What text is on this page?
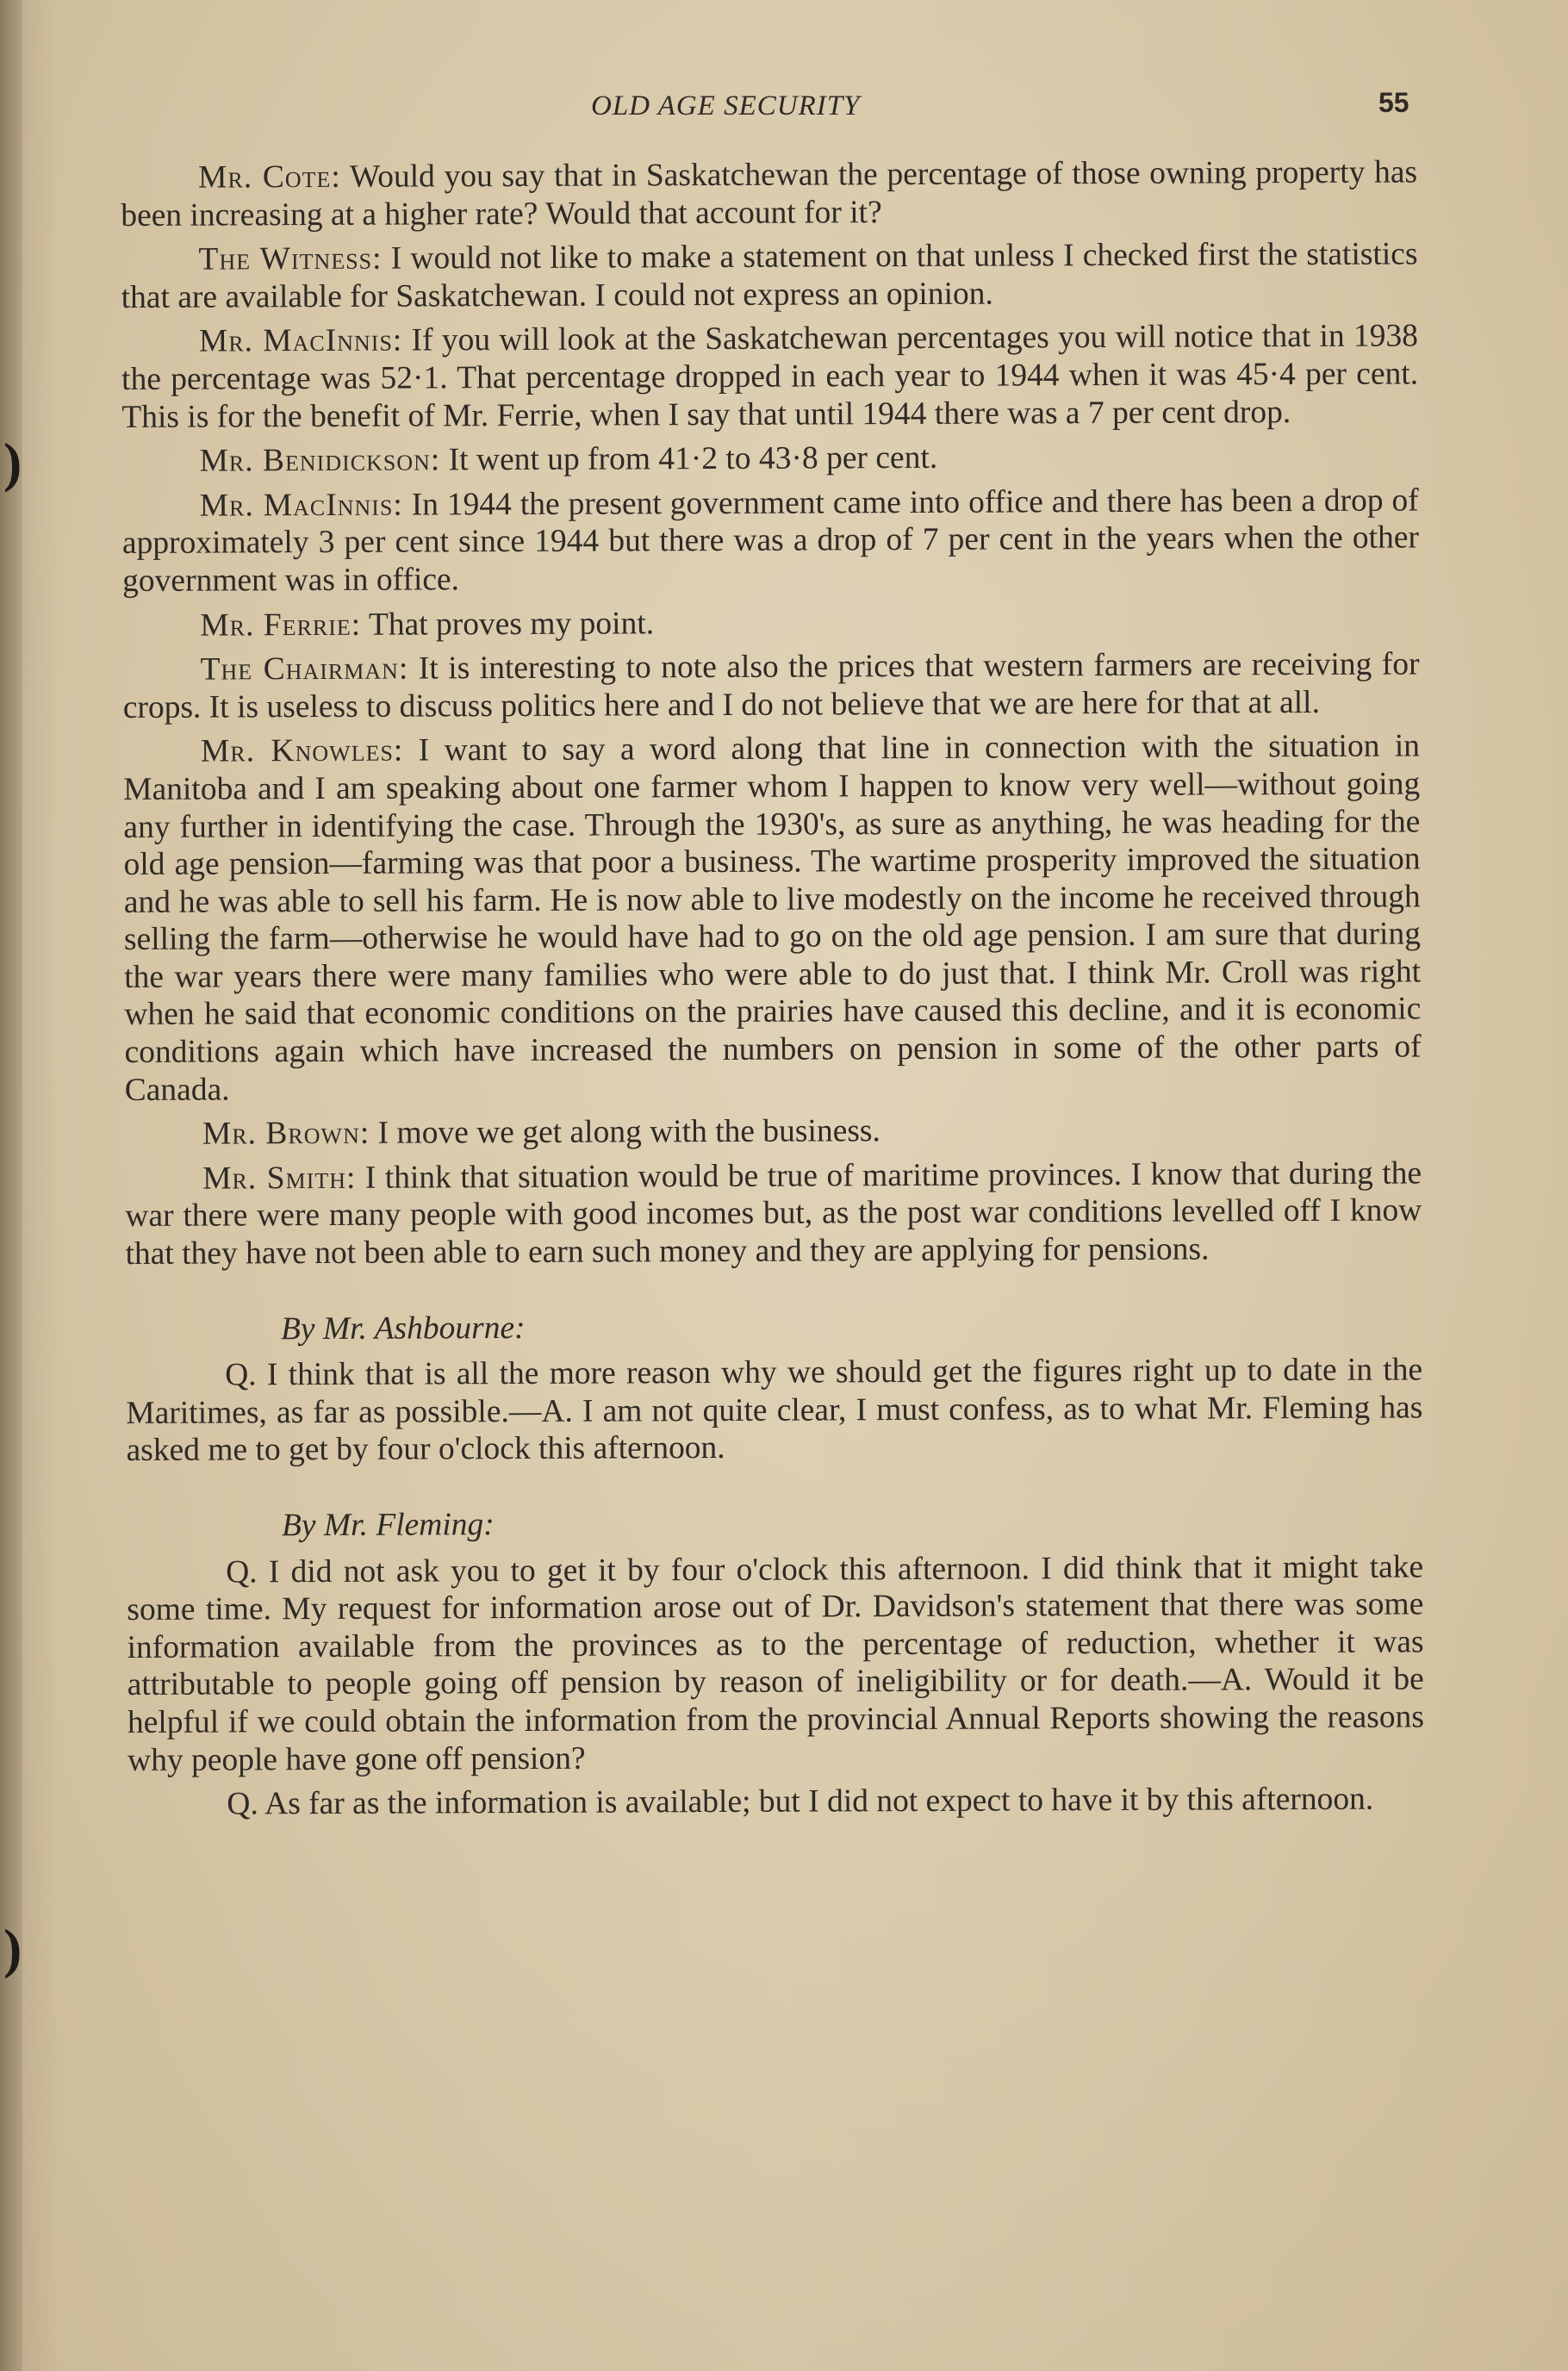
)
)
OLD AGE SECURITY	55

Mr. Cote: Would you say that in Saskatchewan the percentage of those owning property has been increasing at a higher rate? Would that account for it?

The Witness: I would not like to make a statement on that unless I checked first the statistics that are available for Saskatchewan. I could not express an opinion.

Mr. MacInnis: If you will look at the Saskatchewan percentages you will notice that in 1938 the percentage was 52·1. That percentage dropped in each year to 1944 when it was 45·4 per cent. This is for the benefit of Mr. Ferrie, when I say that until 1944 there was a 7 per cent drop.

Mr. Benidickson: It went up from 41·2 to 43·8 per cent.

Mr. MacInnis: In 1944 the present government came into office and there has been a drop of approximately 3 per cent since 1944 but there was a drop of 7 per cent in the years when the other government was in office.

Mr. Ferrie: That proves my point.

The Chairman: It is interesting to note also the prices that western farmers are receiving for crops. It is useless to discuss politics here and I do not believe that we are here for that at all.

Mr. Knowles: I want to say a word along that line in connection with the situation in Manitoba and I am speaking about one farmer whom I happen to know very well—without going any further in identifying the case. Through the 1930's, as sure as anything, he was heading for the old age pension—farming was that poor a business. The wartime prosperity improved the situation and he was able to sell his farm. He is now able to live modestly on the income he received through selling the farm—otherwise he would have had to go on the old age pension. I am sure that during the war years there were many families who were able to do just that. I think Mr. Croll was right when he said that economic conditions on the prairies have caused this decline, and it is economic conditions again which have increased the numbers on pension in some of the other parts of Canada.

Mr. Brown: I move we get along with the business.

Mr. Smith: I think that situation would be true of maritime provinces. I know that during the war there were many people with good incomes but, as the post war conditions levelled off I know that they have not been able to earn such money and they are applying for pensions.

By Mr. Ashbourne:

Q. I think that is all the more reason why we should get the figures right up to date in the Maritimes, as far as possible.—A. I am not quite clear, I must confess, as to what Mr. Fleming has asked me to get by four o'clock this afternoon.

By Mr. Fleming:

Q. I did not ask you to get it by four o'clock this afternoon. I did think that it might take some time. My request for information arose out of Dr. Davidson's statement that there was some information available from the provinces as to the percentage of reduction, whether it was attributable to people going off pension by reason of ineligibility or for death.—A. Would it be helpful if we could obtain the information from the provincial Annual Reports showing the reasons why people have gone off pension?

Q. As far as the information is available; but I did not expect to have it by this afternoon.
